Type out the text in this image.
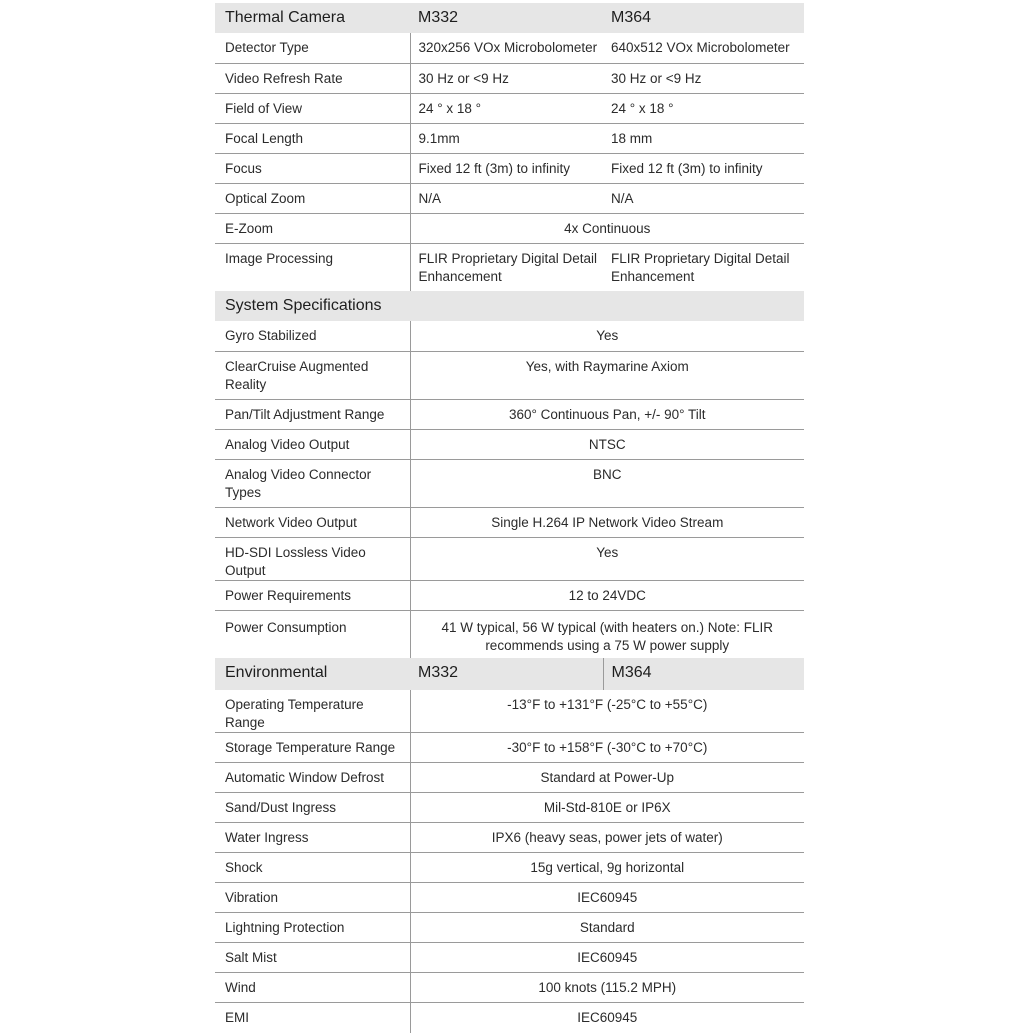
Thermal Camera	M332	M364
Detector Type	320x256 VOx Microbolometer	640x512 VOx Microbolometer
Video Refresh Rate	30 Hz or <9 Hz	30 Hz or <9 Hz
Field of View	24 ° x 18 °	24 ° x 18 °
Focal Length	9.1mm	18 mm
Focus	Fixed 12 ft (3m) to infinity	Fixed 12 ft (3m) to infinity
Optical Zoom	N/A	N/A
E-Zoom	4x Continuous	
Image Processing	FLIR Proprietary Digital Detail Enhancement	FLIR Proprietary Digital Detail Enhancement
System Specifications		
Gyro Stabilized	Yes	
ClearCruise Augmented Reality	Yes, with Raymarine Axiom	
Pan/Tilt Adjustment Range	360° Continuous Pan, +/- 90° Tilt	
Analog Video Output	NTSC	
Analog Video Connector Types	BNC	
Network Video Output	Single H.264 IP Network Video Stream	
HD-SDI Lossless Video Output	Yes	
Power Requirements	12 to 24VDC	
Power Consumption	41 W typical, 56 W typical (with heaters on.) Note: FLIR recommends using a 75 W power supply	
Environmental	M332	M364
Operating Temperature Range	-13°F to +131°F (-25°C to +55°C)	
Storage Temperature Range	-30°F to +158°F (-30°C to +70°C)	
Automatic Window Defrost	Standard at Power-Up	
Sand/Dust Ingress	Mil-Std-810E or IP6X	
Water Ingress	IPX6 (heavy seas, power jets of water)	
Shock	15g vertical, 9g horizontal	
Vibration	IEC60945	
Lightning Protection	Standard	
Salt Mist	IEC60945	
Wind	100 knots (115.2 MPH)	
EMI	IEC60945	
